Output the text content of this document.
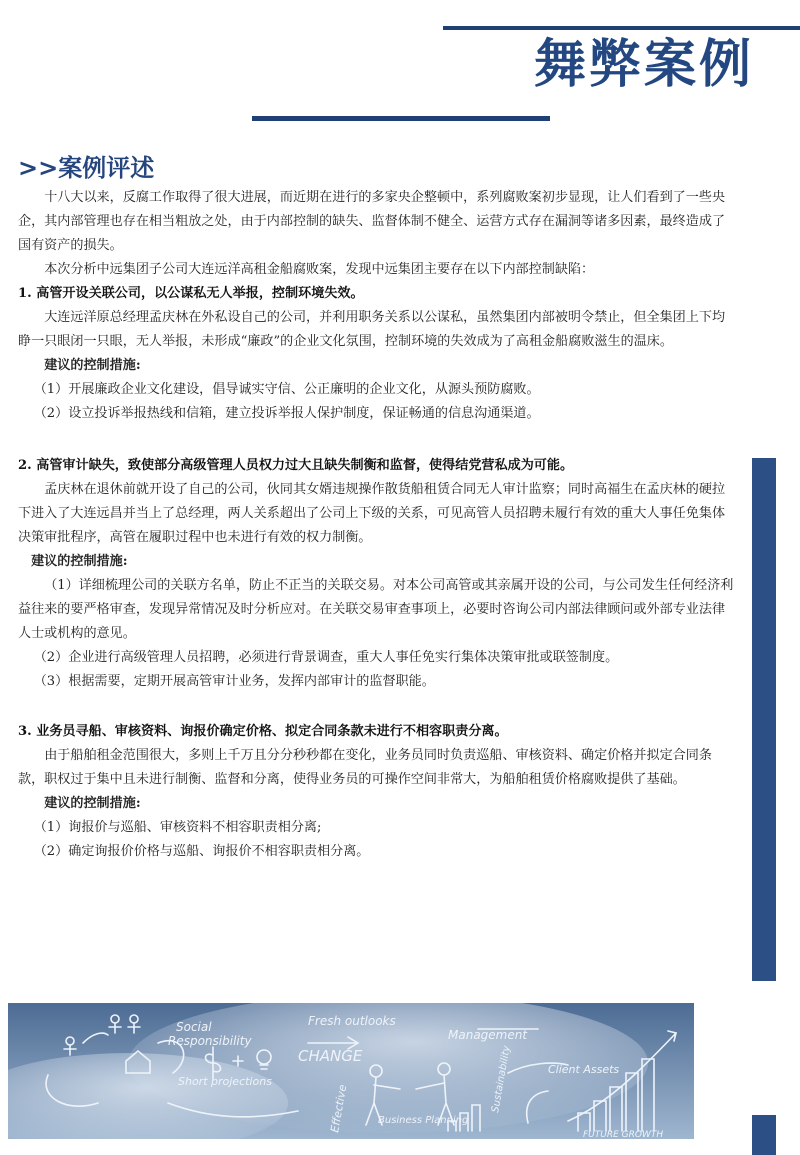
舞弊案例
>>案例评述

十八大以来，反腐工作取得了很大进展，而近期在进行的多家央企整顿中，系列腐败案初步显现，让人们看到了一些央企，其内部管理也存在相当粗放之处，由于内部控制的缺失、监督体制不健全、运营方式存在漏洞等诸多因素，最终造成了国有资产的损失。

本次分析中远集团子公司大连远洋高租金船腐败案，发现中远集团主要存在以下内部控制缺陷：

1. 高管开设关联公司，以公谋私无人举报，控制环境失效。

大连远洋原总经理孟庆林在外私设自己的公司，并利用职务关系以公谋私，虽然集团内部被明令禁止，但全集团上下均睁一只眼闭一只眼，无人举报，未形成“廉政”的企业文化氛围，控制环境的失效成为了高租金船腐败滋生的温床。

建议的控制措施:

（1）开展廉政企业文化建设，倡导诚实守信、公正廉明的企业文化，从源头预防腐败。

（2）设立投诉举报热线和信箱，建立投诉举报人保护制度，保证畅通的信息沟通渠道。

2. 高管审计缺失，致使部分高级管理人员权力过大且缺失制衡和监督，使得结党营私成为可能。

孟庆林在退休前就开设了自己的公司，伙同其女婿违规操作散货船租赁合同无人审计监察；同时高福生在孟庆林的硬拉下进入了大连远昌并当上了总经理，两人关系超出了公司上下级的关系，可见高管人员招聘未履行有效的重大人事任免集体决策审批程序，高管在履职过程中也未进行有效的权力制衡。

建议的控制措施:

（1）详细梳理公司的关联方名单，防止不正当的关联交易。对本公司高管或其亲属开设的公司，与公司发生任何经济利益往来的要严格审查，发现异常情况及时分析应对。在关联交易审查事项上，必要时咨询公司内部法律顾问或外部专业法律人士或机构的意见。

（2）企业进行高级管理人员招聘，必须进行背景调查，重大人事任免实行集体决策审批或联签制度。

（3）根据需要，定期开展高管审计业务，发挥内部审计的监督职能。

3. 业务员寻船、审核资料、询报价确定价格、拟定合同条款未进行不相容职责分离。

由于船舶租金范围很大，多则上千万且分分秒秒都在变化，业务员同时负责巡船、审核资料、确定价格并拟定合同条款，职权过于集中且未进行制衡、监督和分离，使得业务员的可操作空间非常大，为船舶租赁价格腐败提供了基础。

建议的控制措施:

（1）询报价与巡船、审核资料不相容职责相分离;

（2）确定询报价价格与巡船、询报价不相容职责相分离。

Social
Responsibility
Fresh outlooks
Management
CHANGE
Short projections
Business Planning
Sustainability	Client Assets
FUTURE GROWTH
Effective
